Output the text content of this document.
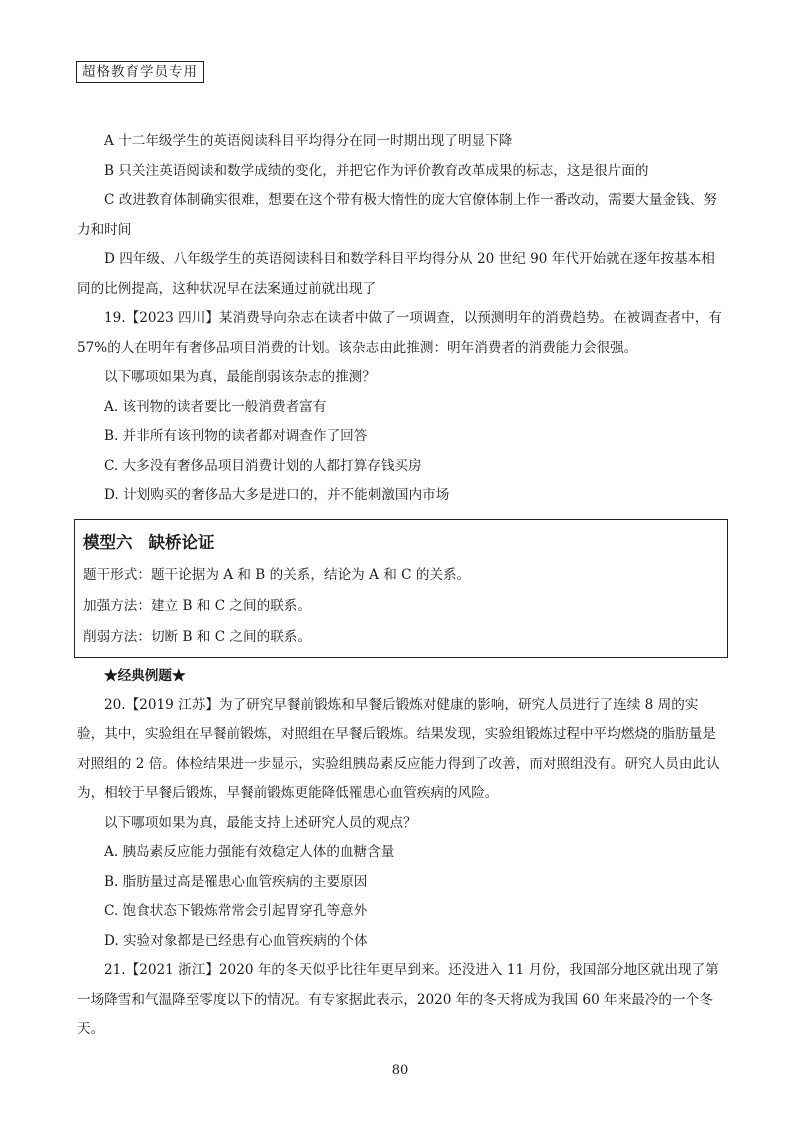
超格教育学员专用

A 十二年级学生的英语阅读科目平均得分在同一时期出现了明显下降

B 只关注英语阅读和数学成绩的变化，并把它作为评价教育改革成果的标志，这是很片面的

C 改进教育体制确实很难，想要在这个带有极大惰性的庞大官僚体制上作一番改动，需要大量金钱、努力和时间

D 四年级、八年级学生的英语阅读科目和数学科目平均得分从 20 世纪 90 年代开始就在逐年按基本相同的比例提高，这种状况早在法案通过前就出现了

19.【2023 四川】某消费导向杂志在读者中做了一项调查，以预测明年的消费趋势。在被调查者中，有 57%的人在明年有奢侈品项目消费的计划。该杂志由此推测：明年消费者的消费能力会很强。

以下哪项如果为真，最能削弱该杂志的推测？

A. 该刊物的读者要比一般消费者富有

B. 并非所有该刊物的读者都对调查作了回答

C. 大多没有奢侈品项目消费计划的人都打算存钱买房

D. 计划购买的奢侈品大多是进口的，并不能刺激国内市场

模型六 缺桥论证
题干形式：题干论据为 A 和 B 的关系，结论为 A 和 C 的关系。
加强方法：建立 B 和 C 之间的联系。
削弱方法：切断 B 和 C 之间的联系。
★经典例题★

20.【2019 江苏】为了研究早餐前锻炼和早餐后锻炼对健康的影响，研究人员进行了连续 8 周的实验，其中，实验组在早餐前锻炼，对照组在早餐后锻炼。结果发现，实验组锻炼过程中平均燃烧的脂肪量是对照组的 2 倍。体检结果进一步显示，实验组胰岛素反应能力得到了改善，而对照组没有。研究人员由此认为，相较于早餐后锻炼，早餐前锻炼更能降低罹患心血管疾病的风险。

以下哪项如果为真，最能支持上述研究人员的观点？

A. 胰岛素反应能力强能有效稳定人体的血糖含量

B. 脂肪量过高是罹患心血管疾病的主要原因

C. 饱食状态下锻炼常常会引起胃穿孔等意外

D. 实验对象都是已经患有心血管疾病的个体

21.【2021 浙江】2020 年的冬天似乎比往年更早到来。还没进入 11 月份，我国部分地区就出现了第一场降雪和气温降至零度以下的情况。有专家据此表示，2020 年的冬天将成为我国 60 年来最冷的一个冬天。

80
